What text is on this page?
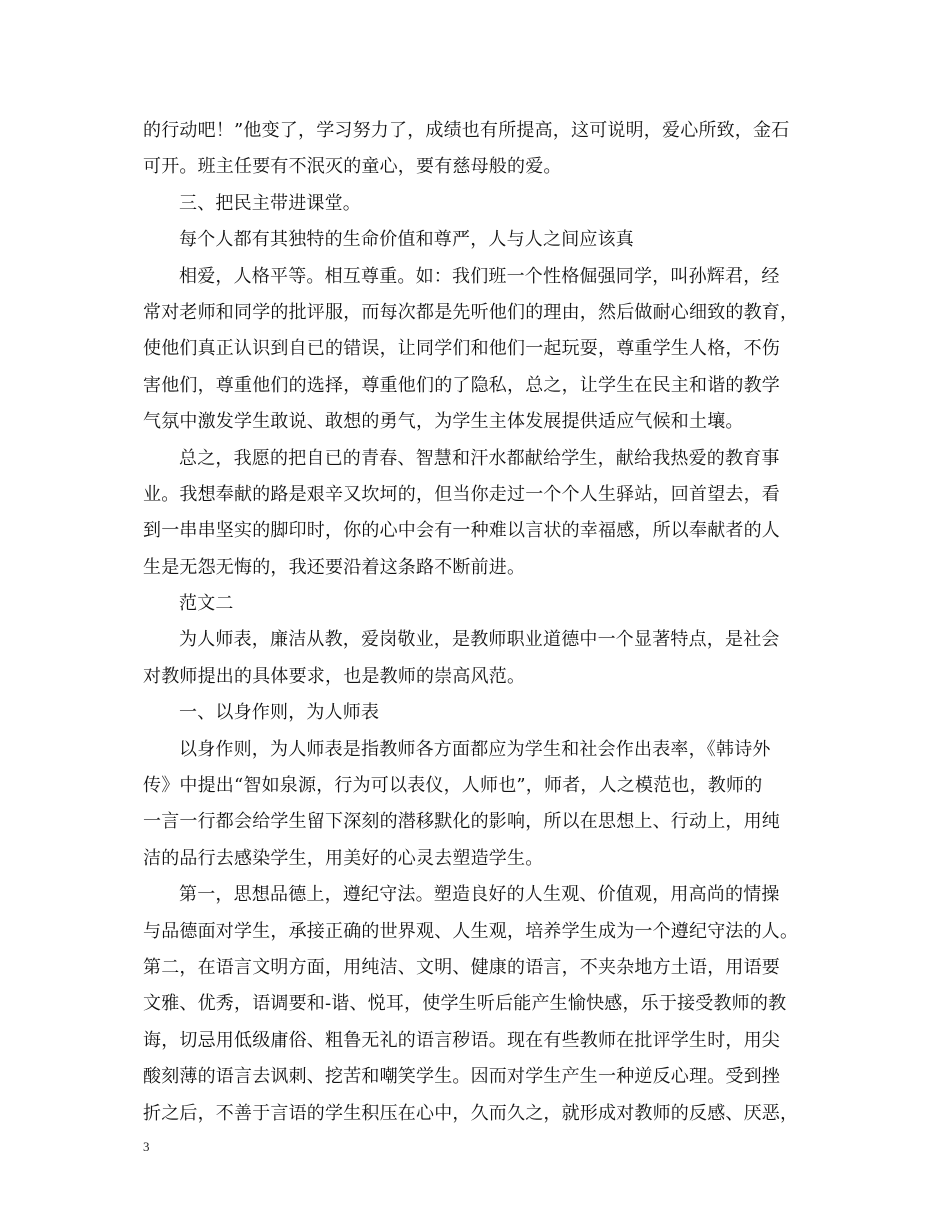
的行动吧！”他变了，学习努力了，成绩也有所提高，这可说明，爱心所致，金石
可开。班主任要有不泯灭的童心，要有慈母般的爱。
三、把民主带进课堂。
每个人都有其独特的生命价值和尊严，人与人之间应该真
相爱，人格平等。相互尊重。如：我们班一个性格倔强同学，叫孙辉君，经
常对老师和同学的批评服，而每次都是先听他们的理由，然后做耐心细致的教育，
使他们真正认识到自已的错误，让同学们和他们一起玩耍，尊重学生人格，不伤
害他们，尊重他们的选择，尊重他们的了隐私，总之，让学生在民主和谐的教学
气氛中激发学生敢说、敢想的勇气，为学生主体发展提供适应气候和土壤。
总之，我愿的把自已的青春、智慧和汗水都献给学生，献给我热爱的教育事
业。我想奉献的路是艰辛又坎坷的，但当你走过一个个人生驿站，回首望去，看
到一串串坚实的脚印时，你的心中会有一种难以言状的幸福感，所以奉献者的人
生是无怨无悔的，我还要沿着这条路不断前进。
范文二
为人师表，廉洁从教，爱岗敬业，是教师职业道德中一个显著特点，是社会
对教师提出的具体要求，也是教师的崇高风范。
一、以身作则，为人师表
以身作则，为人师表是指教师各方面都应为学生和社会作出表率，《韩诗外
传》中提出“智如泉源，行为可以表仪，人师也”，师者，人之模范也，教师的
一言一行都会给学生留下深刻的潜移默化的影响，所以在思想上、行动上，用纯
洁的品行去感染学生，用美好的心灵去塑造学生。
第一，思想品德上，遵纪守法。塑造良好的人生观、价值观，用高尚的情操
与品德面对学生，承接正确的世界观、人生观，培养学生成为一个遵纪守法的人。
第二，在语言文明方面，用纯洁、文明、健康的语言，不夹杂地方土语，用语要
文雅、优秀，语调要和-谐、悦耳，使学生听后能产生愉快感，乐于接受教师的教
诲，切忌用低级庸俗、粗鲁无礼的语言秽语。现在有些教师在批评学生时，用尖
酸刻薄的语言去讽刺、挖苦和嘲笑学生。因而对学生产生一种逆反心理。受到挫
折之后，不善于言语的学生积压在心中，久而久之，就形成对教师的反感、厌恶，
3
